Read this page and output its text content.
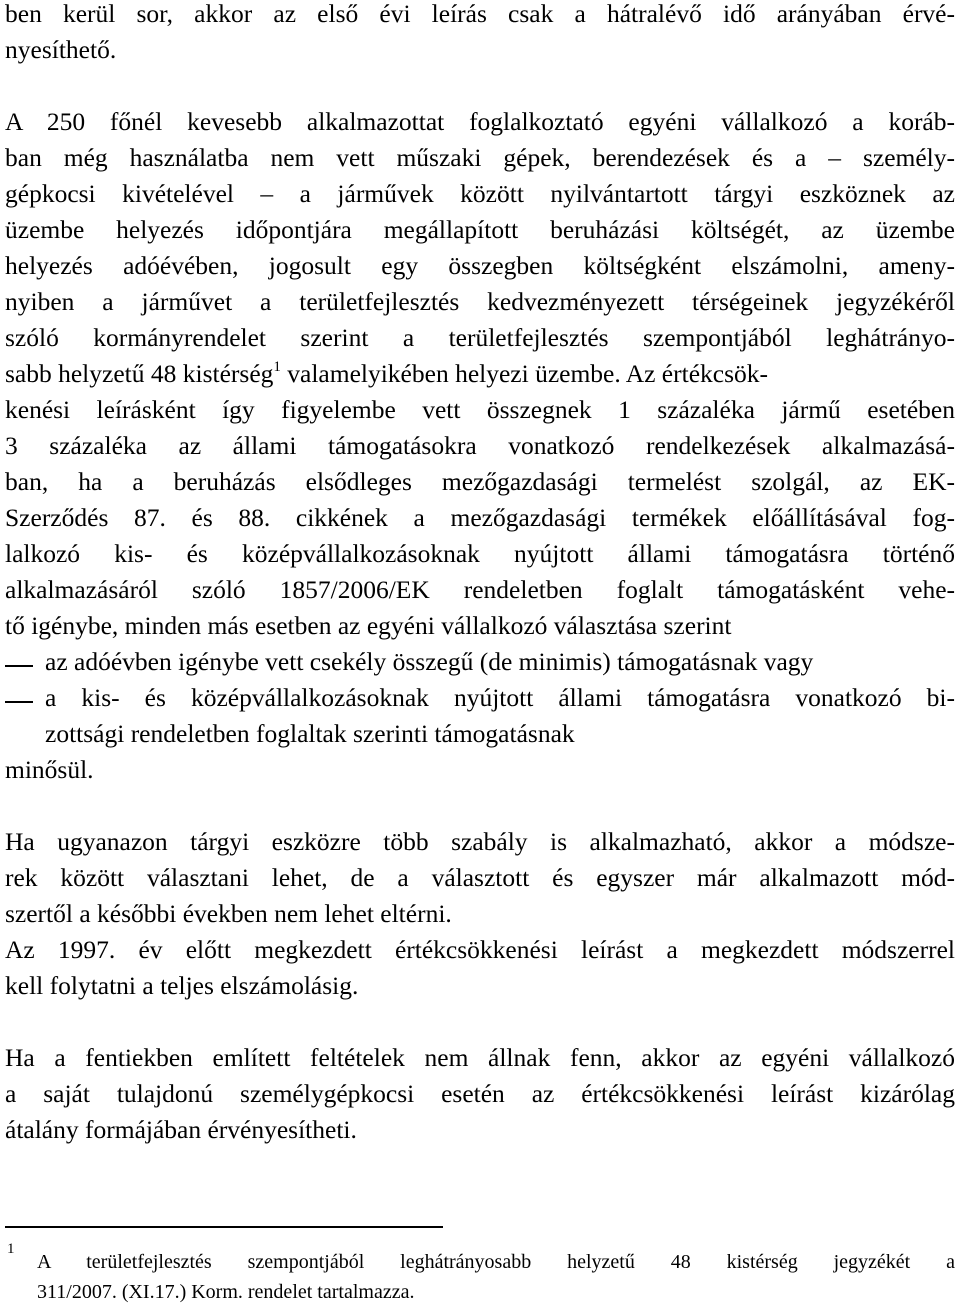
ben kerül sor, akkor az első évi leírás csak a hátralévő idő arányában érvé-
nyesíthető.
A 250 főnél kevesebb alkalmazottat foglalkoztató egyéni vállalkozó a koráb-
ban még használatba nem vett műszaki gépek, berendezések és a – személy-
gépkocsi kivételével – a járművek között nyilvántartott tárgyi eszköznek az
üzembe helyezés időpontjára megállapított beruházási költségét, az üzembe
helyezés adóévében, jogosult egy összegben költségként elszámolni, ameny-
nyiben a járművet a területfejlesztés kedvezményezett térségeinek jegyzékéről
szóló kormányrendelet szerint a területfejlesztés szempontjából leghátrányo-
sabb helyzetű 48 kistérség$^1$ valamelyikében helyezi üzembe. Az értékcsök-
kenési leírásként így figyelembe vett összegnek 1 százaléka jármű esetében
3 százaléka az állami támogatásokra vonatkozó rendelkezések alkalmazásá-
ban, ha a beruházás elsődleges mezőgazdasági termelést szolgál, az EK-
Szerződés 87. és 88. cikkének a mezőgazdasági termékek előállításával fog-
lalkozó kis- és középvállalkozásoknak nyújtott állami támogatásra történő
alkalmazásáról szóló 1857/2006/EK rendeletben foglalt támogatásként vehe-
tő igénybe, minden más esetben az egyéni vállalkozó választása szerint
az adóévben igénybe vett csekély összegű (de minimis) támogatásnak vagy
a kis- és középvállalkozásoknak nyújtott állami támogatásra vonatkozó bi-
zottsági rendeletben foglaltak szerinti támogatásnak
minősül.
Ha ugyanazon tárgyi eszközre több szabály is alkalmazható, akkor a módsze-
rek között választani lehet, de a választott és egyszer már alkalmazott mód-
szertől a későbbi években nem lehet eltérni.
Az 1997. év előtt megkezdett értékcsökkenési leírást a megkezdett módszerrel
kell folytatni a teljes elszámolásig.
Ha a fentiekben említett feltételek nem állnak fenn, akkor az egyéni vállalkozó
a saját tulajdonú személygépkocsi esetén az értékcsökkenési leírást kizárólag
átalány formájában érvényesítheti.
1
A területfejlesztés szempontjából leghátrányosabb helyzetű 48 kistérség jegyzékét a
311/2007. (XI.17.) Korm. rendelet tartalmazza.
